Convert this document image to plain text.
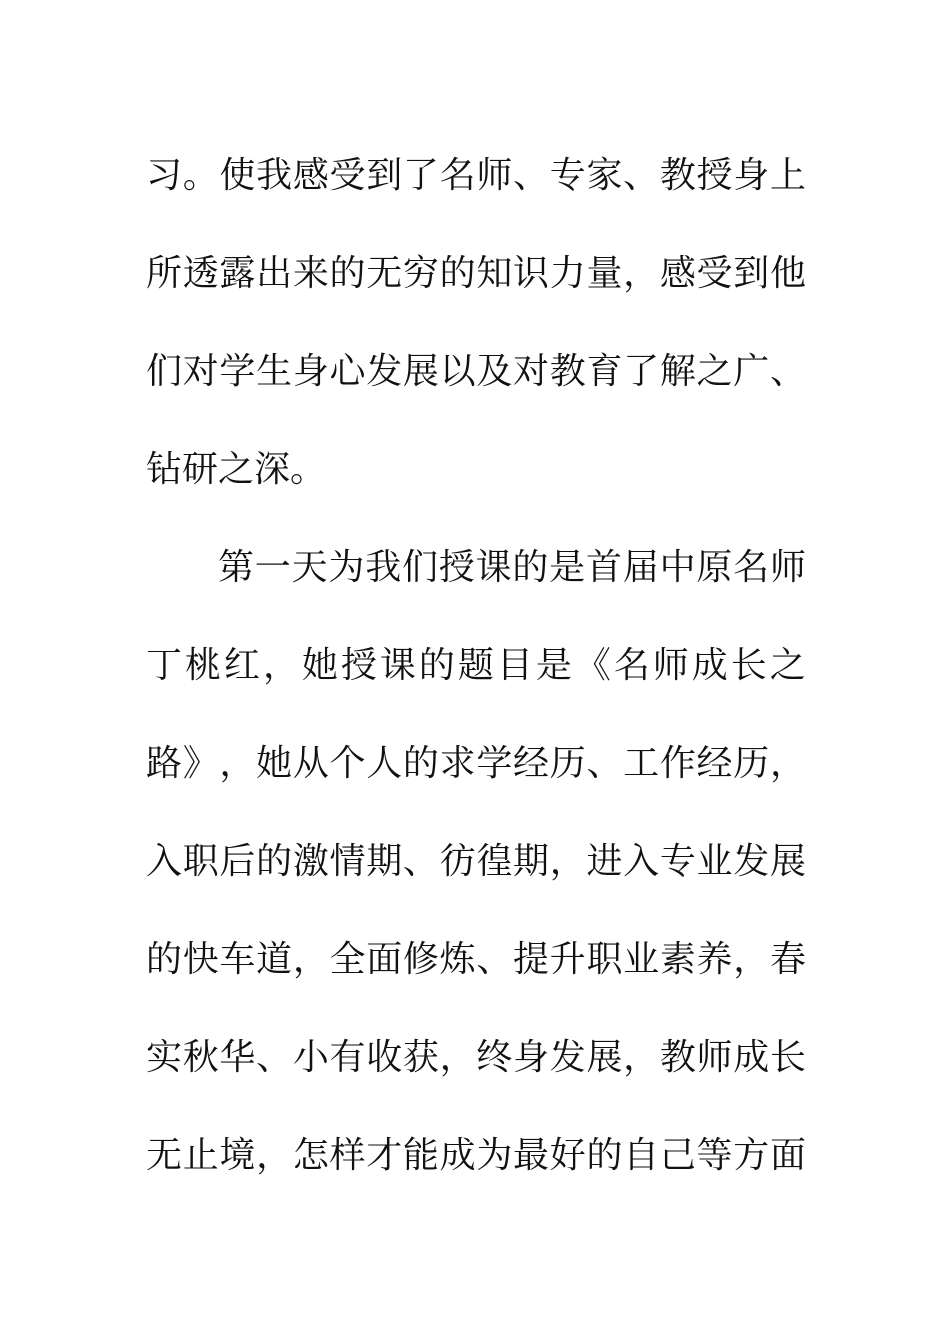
习 。 使 我 感 受 到 了 名 师 、 专 家 、 教 授 身 上
所 透 露 出 来 的 无 穷 的 知 识 力 量 ， 感 受 到 他
们 对 学 生 身 心 发 展 以 及 对 教 育 了 解 之 广 、
钻研之深。
第 一 天 为 我 们 授 课 的 是 首 届 中 原 名 师
丁 桃 红 ， 她 授 课 的 题 目 是 《 名 师 成 长 之
路 》 ， 她 从 个 人 的 求 学 经 历 、 工 作 经 历 ，
入 职 后 的 激 情 期 、 彷 徨 期 ， 进 入 专 业 发 展
的 快 车 道 ， 全 面 修 炼 、 提 升 职 业 素 养 ， 春
实 秋 华 、 小 有 收 获 ， 终 身 发 展 ， 教 师 成 长
无 止 境 ， 怎 样 才 能 成 为 最 好 的 自 己 等 方 面
